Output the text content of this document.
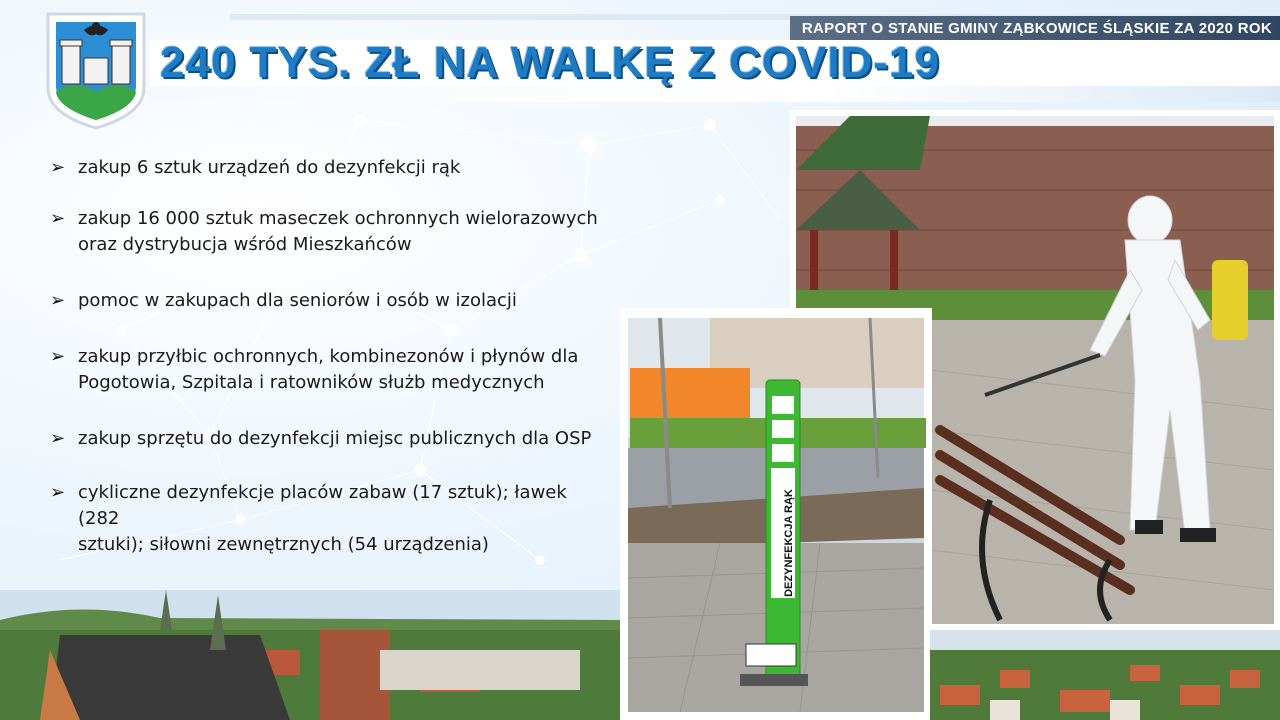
RAPORT O STANIE GMINY ZĄBKOWICE ŚLĄSKIE ZA 2020 ROK
240 TYS. ZŁ NA WALKĘ Z COVID-19
➢ zakup 6 sztuk urządzeń do dezynfekcji rąk
➢ zakup 16 000 sztuk maseczek ochronnych wielorazowych
oraz dystrybucja wśród Mieszkańców
➢ pomoc w zakupach dla seniorów i osób w izolacji
➢ zakup przyłbic ochronnych, kombinezonów i płynów dla
Pogotowia, Szpitala i ratowników służb medycznych
➢ zakup sprzętu do dezynfekcji miejsc publicznych dla OSP
➢ cykliczne dezynfekcje placów zabaw (17 sztuk); ławek (282
sztuki); siłowni zewnętrznych (54 urządzenia)	DEZYNFEKCJA RĄK
